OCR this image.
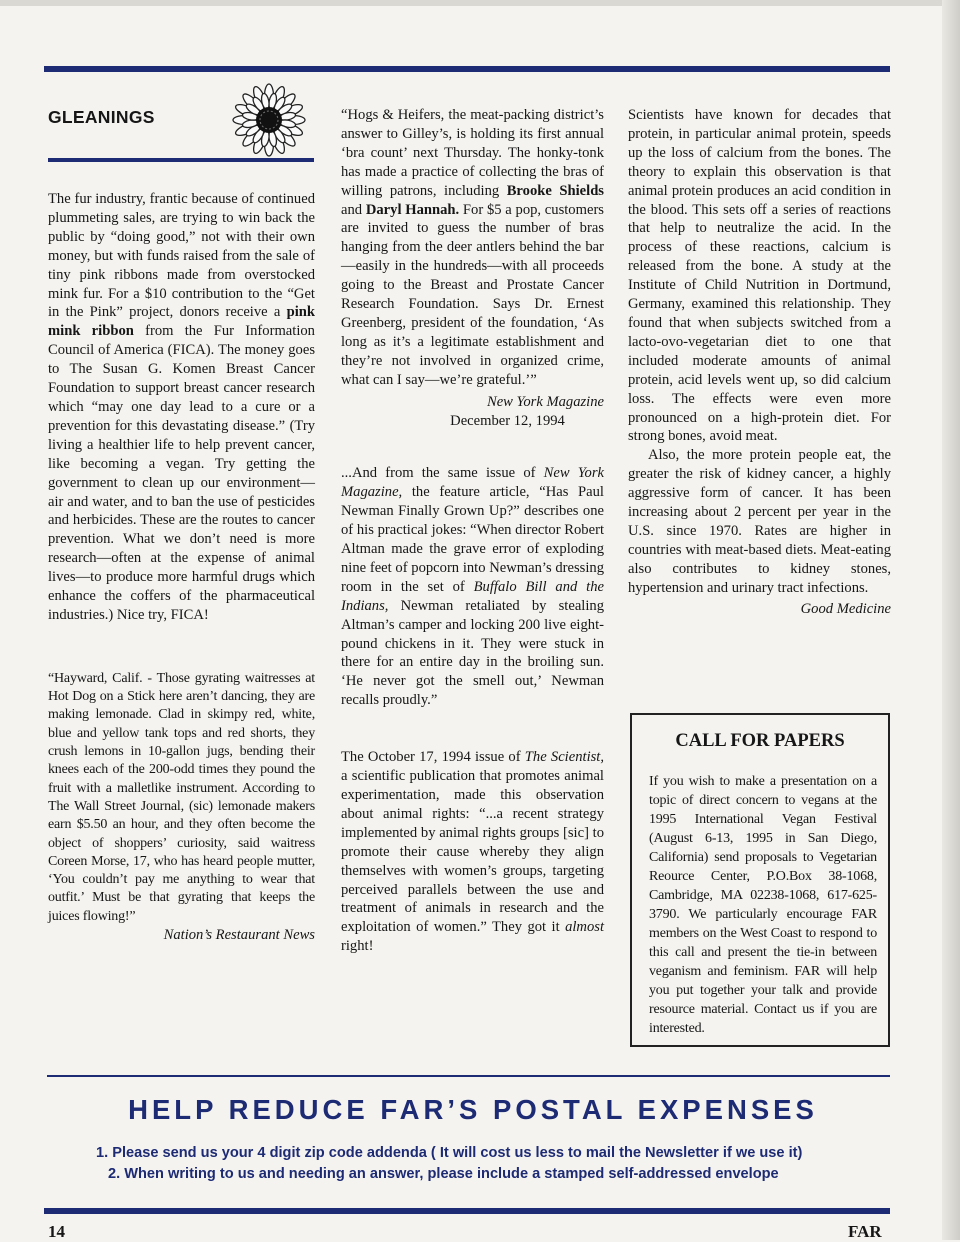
GLEANINGS

The fur industry, frantic because of continued plummeting sales, are trying to win back the public by “doing good,” not with their own money, but with funds raised from the sale of tiny pink ribbons made from overstocked mink fur. For a $10 contribution to the “Get in the Pink” project, donors receive a pink mink ribbon from the Fur Information Council of America (FICA). The money goes to The Susan G. Komen Breast Cancer Foundation to support breast cancer research which “may one day lead to a cure or a prevention for this devastating disease.” (Try living a healthier life to help prevent cancer, like becoming a vegan. Try getting the government to clean up our environment—air and water, and to ban the use of pesticides and herbicides. These are the routes to cancer prevention. What we don’t need is more research—often at the expense of animal lives—to produce more harmful drugs which enhance the coffers of the pharmaceutical industries.) Nice try, FICA!

“Hayward, Calif. - Those gyrating waitresses at Hot Dog on a Stick here aren’t dancing, they are making lemonade. Clad in skimpy red, white, blue and yellow tank tops and red shorts, they crush lemons in 10-gallon jugs, bending their knees each of the 200-odd times they pound the fruit with a malletlike instrument. According to The Wall Street Journal, (sic) lemonade makers earn $5.50 an hour, and they often become the object of shoppers’ curiosity, said waitress Coreen Morse, 17, who has heard people mutter, ‘You couldn’t pay me anything to wear that outfit.’ Must be that gyrating that keeps the juices flowing!”

Nation’s Restaurant News

“Hogs & Heifers, the meat-packing district’s answer to Gilley’s, is holding its first annual ‘bra count’ next Thursday. The honky-tonk has made a practice of collecting the bras of willing patrons, including Brooke Shields and Daryl Hannah. For $5 a pop, customers are invited to guess the number of bras hanging from the deer antlers behind the bar—easily in the hundreds—with all proceeds going to the Breast and Prostate Cancer Research Foundation. Says Dr. Ernest Greenberg, president of the foundation, ‘As long as it’s a legitimate establishment and they’re not involved in organized crime, what can I say—we’re grateful.’”

New York Magazine

December 12, 1994

...And from the same issue of New York Magazine, the feature article, “Has Paul Newman Finally Grown Up?” describes one of his practical jokes: “When director Robert Altman made the grave error of exploding nine feet of popcorn into Newman’s dressing room in the set of Buffalo Bill and the Indians, Newman retaliated by stealing Altman’s camper and locking 200 live eight-pound chickens in it. They were stuck in there for an entire day in the broiling sun. ‘He never got the smell out,’ Newman recalls proudly.”

The October 17, 1994 issue of The Scientist, a scientific publication that promotes animal experimentation, made this observation about animal rights: “...a recent strategy implemented by animal rights groups [sic] to promote their cause whereby they align themselves with women’s groups, targeting perceived parallels between the use and treatment of animals in research and the exploitation of women.” They got it almost right!

Scientists have known for decades that protein, in particular animal protein, speeds up the loss of calcium from the bones. The theory to explain this observation is that animal protein produces an acid condition in the blood. This sets off a series of reactions that help to neutralize the acid. In the process of these reactions, calcium is released from the bone. A study at the Institute of Child Nutrition in Dortmund, Germany, examined this relationship. They found that when subjects switched from a lacto-ovo-vegetarian diet to one that included moderate amounts of animal protein, acid levels went up, so did calcium loss. The effects were even more pronounced on a high-protein diet. For strong bones, avoid meat.

Also, the more protein people eat, the greater the risk of kidney cancer, a highly aggressive form of cancer. It has been increasing about 2 percent per year in the U.S. since 1970. Rates are higher in countries with meat-based diets. Meat-eating also contributes to kidney stones, hypertension and urinary tract infections.

Good Medicine

CALL FOR PAPERS
If you wish to make a presentation on a topic of direct concern to vegans at the 1995 International Vegan Festival (August 6-13, 1995 in San Diego, California) send proposals to Vegetarian Reource Center, P.O.Box 38-1068, Cambridge, MA 02238-1068, 617-625-3790. We particularly encourage FAR members on the West Coast to respond to this call and present the tie-in between veganism and feminism. FAR will help you put together your talk and provide resource material. Contact us if you are interested.
HELP REDUCE FAR’S POSTAL EXPENSES
1. Please send us your 4 digit zip code addenda ( It will cost us less to mail the Newsletter if we use it)
2. When writing to us and needing an answer, please include a stamped self-addressed envelope
14	FAR
